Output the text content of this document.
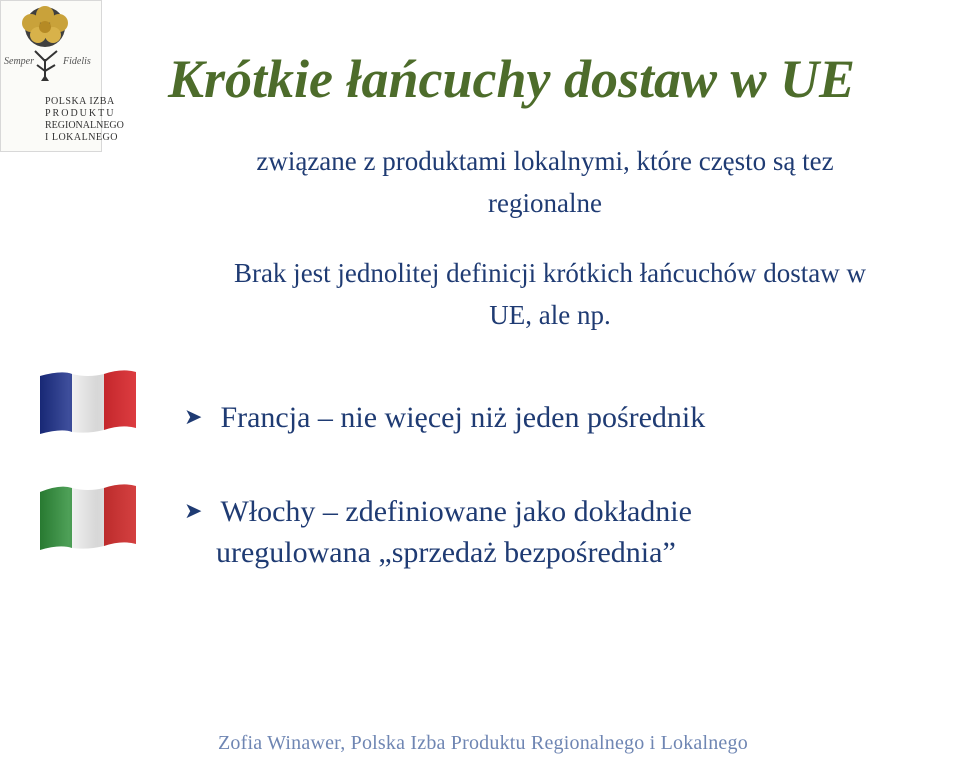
Semper	Fidelis
POLSKA IZBA
PRODUKTU
REGIONALNEGO
I LOKALNEGO
Krótkie łańcuchy dostaw w UE
związane z produktami lokalnymi, które często są tez
regionalne
Brak jest jednolitej definicji krótkich łańcuchów dostaw w
UE, ale np.
➤ Francja – nie więcej niż jeden pośrednik
➤ Włochy – zdefiniowane jako dokładnie
uregulowana „sprzedaż bezpośrednia”
Zofia Winawer, Polska Izba Produktu Regionalnego i Lokalnego
